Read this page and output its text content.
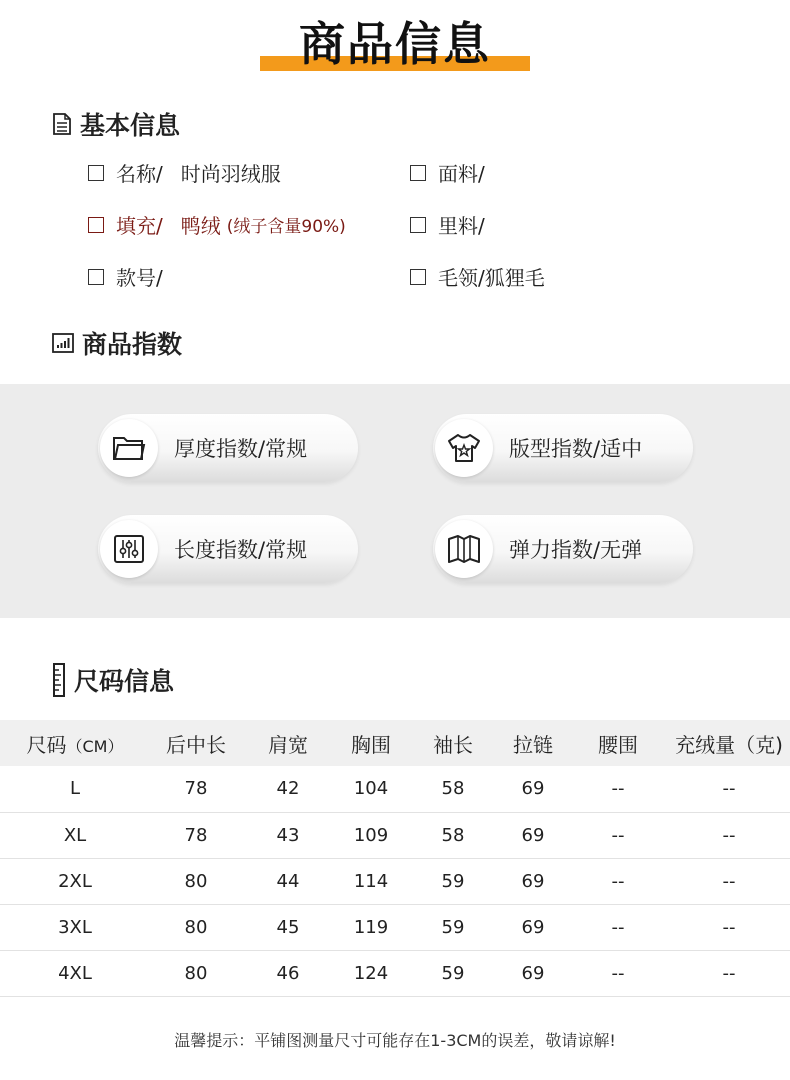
商品信息
基本信息
名称/ 时尚羽绒服	面料/
填充/ 鸭绒 (绒子含量90%)	里料/
款号/	毛领/狐狸毛
商品指数
厚度指数/常规	版型指数/适中
长度指数/常规	弹力指数/无弹
尺码信息
尺码（CM）	后中长	肩宽	胸围	袖长	拉链	腰围	充绒量（克)
L	78	42	104	58	69	--	--
XL	78	43	109	58	69	--	--
2XL	80	44	114	59	69	--	--
3XL	80	45	119	59	69	--	--
4XL	80	46	124	59	69	--	--
温馨提示：平铺图测量尺寸可能存在1-3CM的误差，敬请谅解!
